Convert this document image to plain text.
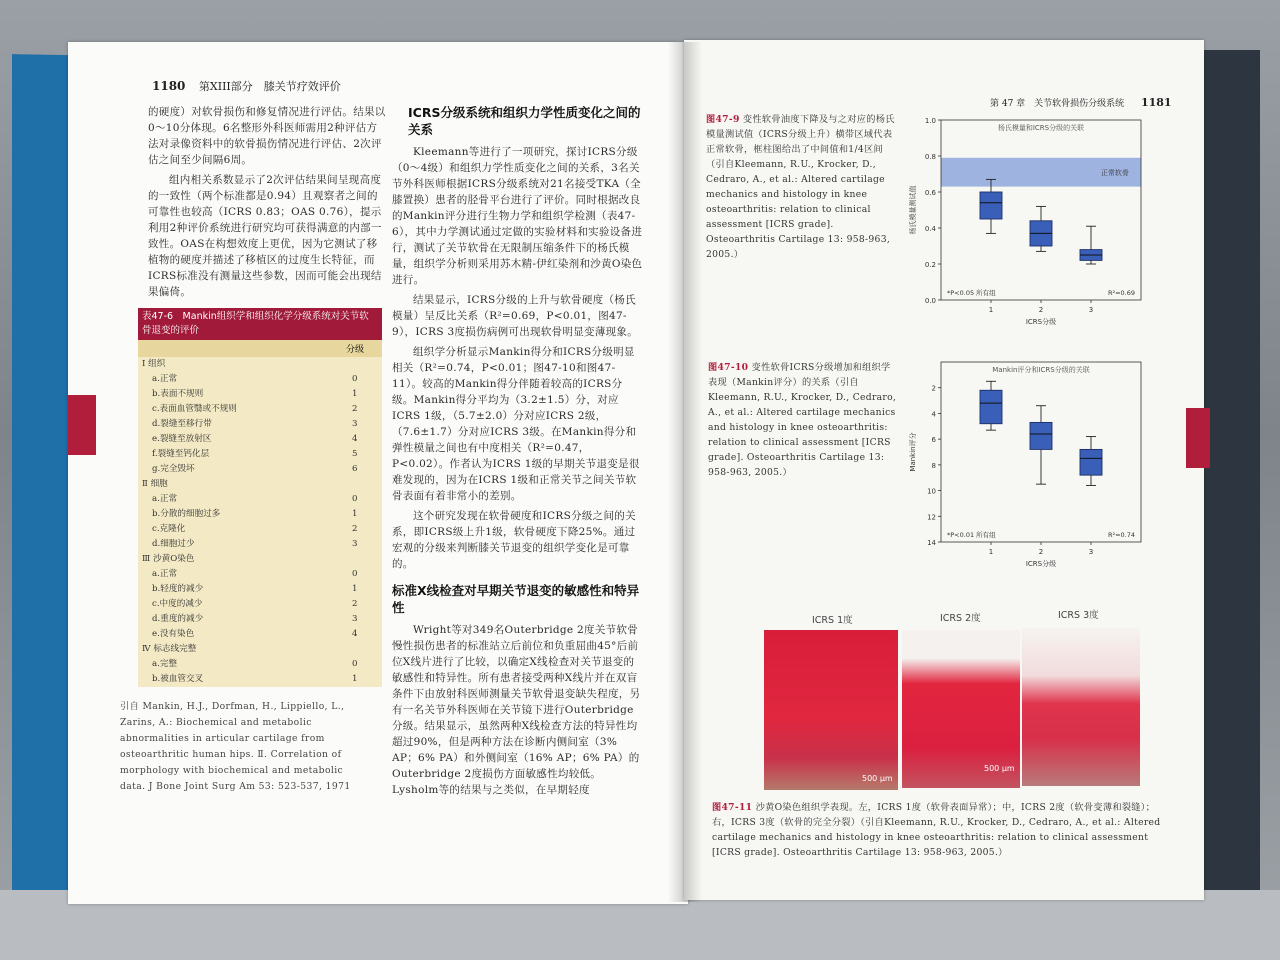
1180 第XIII部分　膝关节疗效评价

的硬度）对软骨损伤和修复情况进行评估。结果以0～10分体现。6名整形外科医师需用2种评估方法对录像资料中的软骨损伤情况进行评估、2次评估之间至少间隔6周。

组内相关系数显示了2次评估结果间呈现高度的一致性（两个标准都是0.94）且观察者之间的可靠性也较高（ICRS 0.83；OAS 0.76），提示利用2种评价系统进行研究均可获得满意的内部一致性。OAS在构想效度上更优，因为它测试了移植物的硬度并描述了移植区的过度生长特征，而ICRS标准没有测量这些参数，因而可能会出现结果偏倚。

表47-6　Mankin组织学和组织化学分级系统对关节软骨退变的评价
分级
Ⅰ 组织
a.正常	0
b.表面不规则	1
c.表面血管翳或不规则	2
d.裂缝至移行带	3
e.裂缝至放射区	4
f.裂缝至钙化层	5
g.完全毁坏	6
Ⅱ 细胞
a.正常	0
b.分散的细胞过多	1
c.克隆化	2
d.细胞过少	3
Ⅲ 沙黄O染色
a.正常	0
b.轻度的减少	1
c.中度的减少	2
d.重度的减少	3
e.没有染色	4
Ⅳ 标志线完整
a.完整	0
b.被血管交叉	1
引自 Mankin, H.J., Dorfman, H., Lippiello, L., Zarins, A.: Biochemical and metabolic abnormalities in articular cartilage from osteoarthritic human hips. Ⅱ. Correlation of morphology with biochemical and metabolic data. J Bone Joint Surg Am 53: 523-537, 1971
ICRS分级系统和组织力学性质变化之间的关系

Kleemann等进行了一项研究，探讨ICRS分级（0～4级）和组织力学性质变化之间的关系，3名关节外科医师根据ICRS分级系统对21名接受TKA（全膝置换）患者的胫骨平台进行了评价。同时根据改良的Mankin评分进行生物力学和组织学检测（表47-6），其中力学测试通过定做的实验材料和实验设备进行，测试了关节软骨在无限制压缩条件下的杨氏模量，组织学分析则采用苏木精-伊红染剂和沙黄O染色进行。

结果显示，ICRS分级的上升与软骨硬度（杨氏模量）呈反比关系（R²=0.69，P<0.01，图47-9），ICRS 3度损伤病例可出现软骨明显变薄现象。

组织学分析显示Mankin得分和ICRS分级明显相关（R²=0.74，P<0.01；图47-10和图47-11）。较高的Mankin得分伴随着较高的ICRS分级。Mankin得分平均为（3.2±1.5）分，对应ICRS 1级，（5.7±2.0）分对应ICRS 2级，（7.6±1.7）分对应ICRS 3级。在Mankin得分和弹性模量之间也有中度相关（R²=0.47，P<0.02）。作者认为ICRS 1级的早期关节退变是很难发现的，因为在ICRS 1级和正常关节之间关节软骨表面有着非常小的差别。

这个研究发现在软骨硬度和ICRS分级之间的关系，即ICRS级上升1级，软骨硬度下降25%。通过宏观的分级来判断膝关节退变的组织学变化是可靠的。

标准X线检查对早期关节退变的敏感性和特异性

Wright等对349名Outerbridge 2度关节软骨慢性损伤患者的标准站立后前位和负重屈曲45°后前位X线片进行了比较，以确定X线检查对关节退变的敏感性和特异性。所有患者接受两种X线片并在双盲条件下由放射科医师测量关节软骨退变缺失程度，另有一名关节外科医师在关节镜下进行Outerbridge分级。结果显示，虽然两种X线检查方法的特异性均超过90%，但是两种方法在诊断内侧间室（3% AP；6% PA）和外侧间室（16% AP；6% PA）的Outerbridge 2度损伤方面敏感性均较低。Lysholm等的结果与之类似，在早期轻度

第 47 章 关节软骨损伤分级系统 1181
图47-9 变性软骨油度下降及与之对应的杨氏模量测试值（ICRS分级上升）横带区域代表正常软骨，框柱图给出了中间值和1/4区间（引自Kleemann, R.U., Krocker, D., Cedraro, A., et al.: Altered cartilage mechanics and histology in knee osteoarthritis: relation to clinical assessment [ICRS grade]. Osteoarthritis Cartilage 13: 958-963, 2005.）
图47-10 变性软骨ICRS分级增加和组织学表现（Mankin评分）的关系（引自Kleemann, R.U., Krocker, D., Cedraro, A., et al.: Altered cartilage mechanics and histology in knee osteoarthritis: relation to clinical assessment [ICRS grade]. Osteoarthritis Cartilage 13: 958-963, 2005.）
杨氏模量和ICRS分级的关联
正常软骨
0.0
0.2
0.4
0.6
0.8
1.0
1	2	3
*P<0.05 所有组	R²=0.69
ICRS分级
杨氏模量测试值
Mankin评分和ICRS分级的关联
2
4
6
8
10
12
14
1	2	3
*P<0.01 所有组	R²=0.74
ICRS分级
Mankin评分
ICRS 1度	ICRS 2度	ICRS 3度
500 μm
500 μm
图47-11 沙黄O染色组织学表现。左，ICRS 1度（软骨表面异常）；中，ICRS 2度（软骨变薄和裂缝）；右，ICRS 3度（软骨的完全分裂）（引自Kleemann, R.U., Krocker, D., Cedraro, A., et al.: Altered cartilage mechanics and histology in knee osteoarthritis: relation to clinical assessment [ICRS grade]. Osteoarthritis Cartilage 13: 958-963, 2005.）
